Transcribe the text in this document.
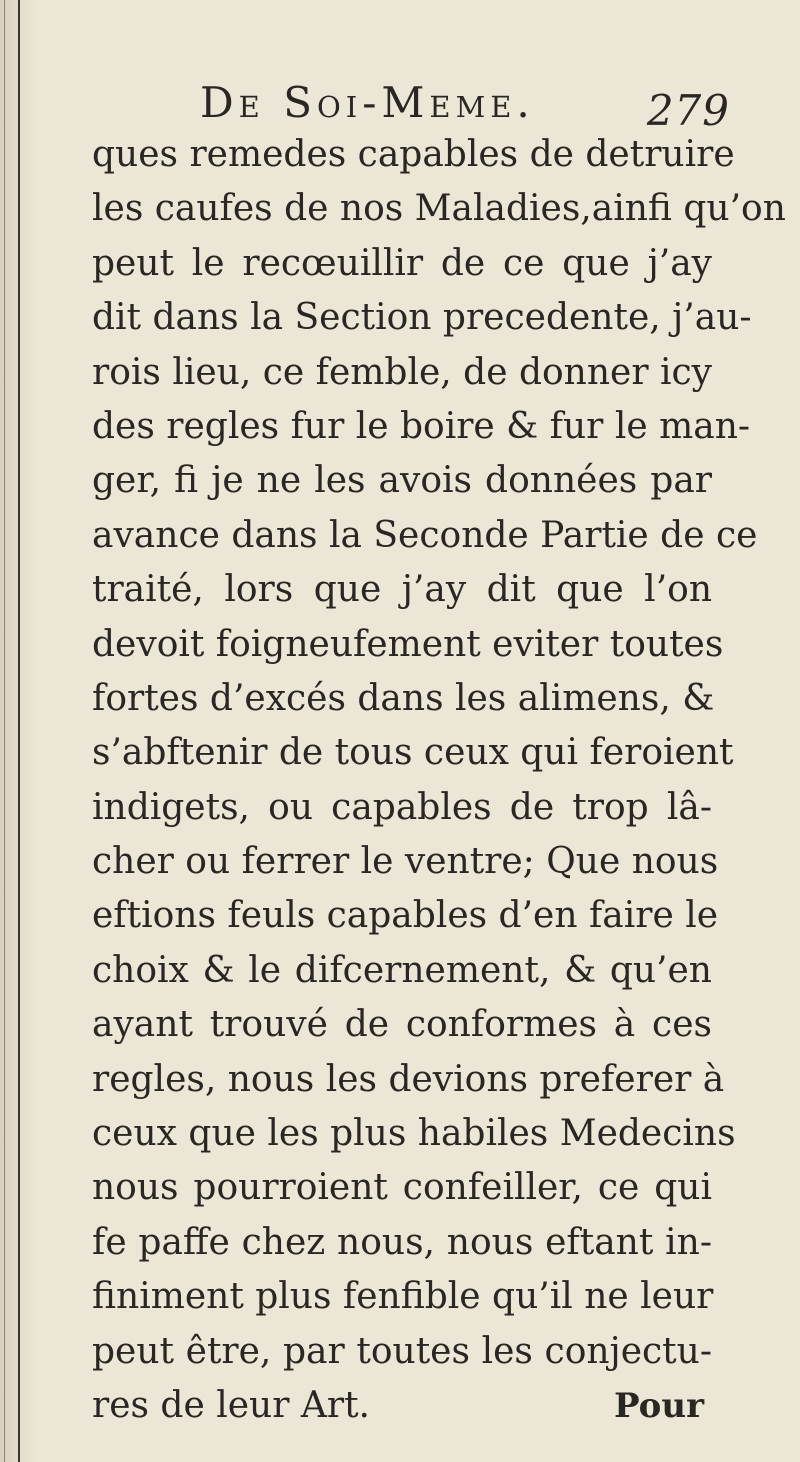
De Soi-Meme.	279
ques remedes capables de detruire
les caufes de nos Maladies,ainfi qu’on
peut le recœuillir de ce que j’ay
dit dans la Section precedente, j’au-
rois lieu, ce femble, de donner icy
des regles fur le boire & fur le man-
ger, fi je ne les avois données par
avance dans la Seconde Partie de ce
traité, lors que j’ay dit que l’on
devoit foigneufement eviter toutes
fortes d’excés dans les alimens, &
s’abftenir de tous ceux qui feroient
indigets, ou capables de trop lâ-
cher ou ferrer le ventre; Que nous
eftions feuls capables d’en faire le
choix & le difcernement, & qu’en
ayant trouvé de conformes à ces
regles, nous les devions preferer à
ceux que les plus habiles Medecins
nous pourroient confeiller, ce qui
fe paffe chez nous, nous eftant in-
finiment plus fenfible qu’il ne leur
peut être, par toutes les conjectu-
res de leur Art.	Pour
